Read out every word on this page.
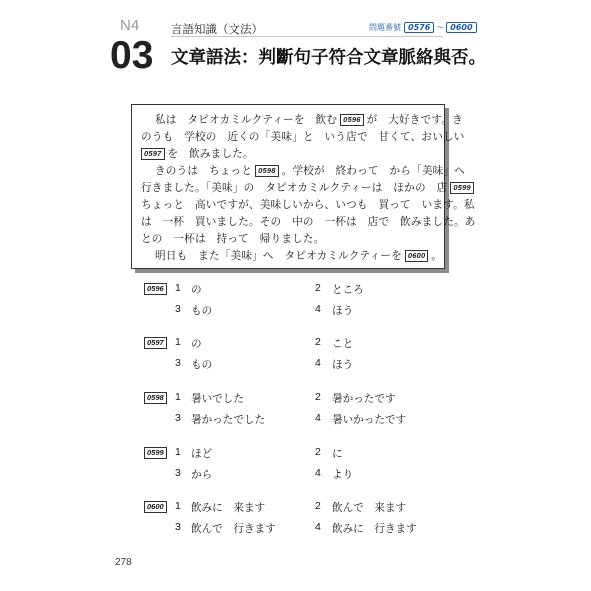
N4
03
言語知識（文法）	問題番號 0576 ～ 0600
文章語法：判斷句子符合文章脈絡與否。
私は　タピオカミルクティーを　飲む 0596 が　大好きです。き
のうも　学校の　近くの「美味」と　いう店で　甘くて、おいしい
0597 を　飲みました。
きのうは　ちょっと 0598 。学校が　終わって　から「美味」へ
行きました。「美味」の　タピオカミルクティーは　ほかの　店 0599
ちょっと　高いですが、美味しいから、いつも　買って　います。私
は　一杯　買いました。その　中の　一杯は　店で　飲みました。あ
との　一杯は　持って　帰りました。
明日も　また「美味」へ　タピオカミルクティーを 0600 。
0596 1 の	2 ところ
3 もの	4 ほう
0597 1 の	2 こと
3 もの	4 ほう
0598 1 暑いでした	2 暑かったです
3 暑かったでした	4 暑いかったです
0599 1 ほど	2 に
3 から	4 より
0600 1 飲みに　来ます	2 飲んで　来ます
3 飲んで　行きます	4 飲みに　行きます
278
